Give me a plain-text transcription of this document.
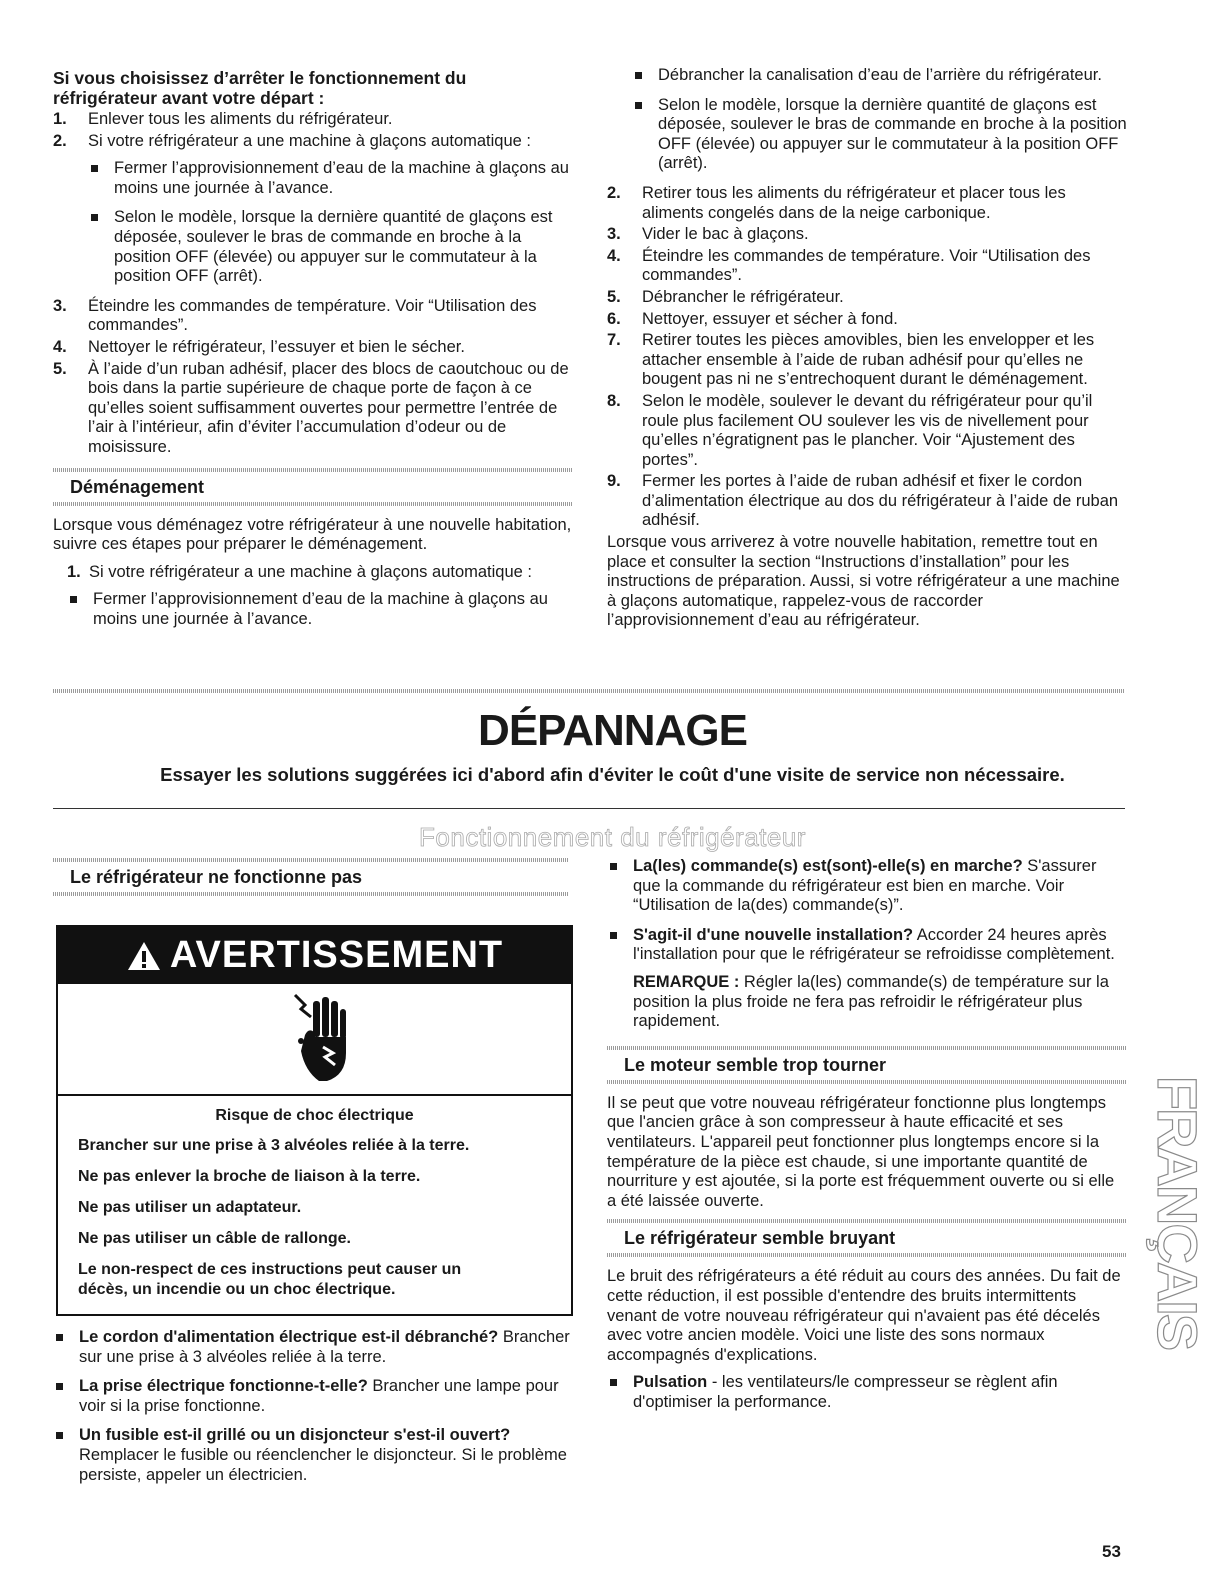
Si vous choisissez d’arrêter le fonctionnement du réfrigérateur avant votre départ :

1. Enlever tous les aliments du réfrigérateur.
2. Si votre réfrigérateur a une machine à glaçons automatique :
Fermer l’approvisionnement d’eau de la machine à glaçons au moins une journée à l’avance.
Selon le modèle, lorsque la dernière quantité de glaçons est déposée, soulever le bras de commande en broche à la position OFF (élevée) ou appuyer sur le commutateur à la position OFF (arrêt).
3. Éteindre les commandes de température. Voir “Utilisation des commandes”.
4. Nettoyer le réfrigérateur, l’essuyer et bien le sécher.
5. À l’aide d’un ruban adhésif, placer des blocs de caoutchouc ou de bois dans la partie supérieure de chaque porte de façon à ce qu’elles soient suffisamment ouvertes pour permettre l’entrée de l’air à l’intérieur, afin d’éviter l’accumulation d’odeur ou de moisissure.
Déménagement

Lorsque vous déménagez votre réfrigérateur à une nouvelle habitation, suivre ces étapes pour préparer le déménagement.

1. Si votre réfrigérateur a une machine à glaçons automatique :
Fermer l’approvisionnement d’eau de la machine à glaçons au moins une journée à l’avance.
Débrancher la canalisation d’eau de l’arrière du réfrigérateur.
Selon le modèle, lorsque la dernière quantité de glaçons est déposée, soulever le bras de commande en broche à la position OFF (élevée) ou appuyer sur le commutateur à la position OFF (arrêt).
2. Retirer tous les aliments du réfrigérateur et placer tous les aliments congelés dans de la neige carbonique.
3. Vider le bac à glaçons.
4. Éteindre les commandes de température. Voir “Utilisation des commandes”.
5. Débrancher le réfrigérateur.
6. Nettoyer, essuyer et sécher à fond.
7. Retirer toutes les pièces amovibles, bien les envelopper et les attacher ensemble à l’aide de ruban adhésif pour qu’elles ne bougent pas ni ne s’entrechoquent durant le déménagement.
8. Selon le modèle, soulever le devant du réfrigérateur pour qu’il roule plus facilement OU soulever les vis de nivellement pour qu’elles n’égratignent pas le plancher. Voir “Ajustement des portes”.
9. Fermer les portes à l’aide de ruban adhésif et fixer le cordon d’alimentation électrique au dos du réfrigérateur à l’aide de ruban adhésif.

Lorsque vous arriverez à votre nouvelle habitation, remettre tout en place et consulter la section “Instructions d’installation” pour les instructions de préparation. Aussi, si votre réfrigérateur a une machine à glaçons automatique, rappelez-vous de raccorder l’approvisionnement d’eau au réfrigérateur.

DÉPANNAGE
Essayer les solutions suggérées ici d'abord afin d'éviter le coût d'une visite de service non nécessaire.
Fonctionnement du réfrigérateur
Le réfrigérateur ne fonctionne pas
AVERTISSEMENT
Risque de choc électrique

Brancher sur une prise à 3 alvéoles reliée à la terre.

Ne pas enlever la broche de liaison à la terre.

Ne pas utiliser un adaptateur.

Ne pas utiliser un câble de rallonge.

Le non-respect de ces instructions peut causer un décès, un incendie ou un choc électrique.

Le cordon d'alimentation électrique est-il débranché? Brancher sur une prise à 3 alvéoles reliée à la terre.
La prise électrique fonctionne-t-elle? Brancher une lampe pour voir si la prise fonctionne.
Un fusible est-il grillé ou un disjoncteur s'est-il ouvert? Remplacer le fusible ou réenclencher le disjoncteur. Si le problème persiste, appeler un électricien.
La(les) commande(s) est(sont)-elle(s) en marche? S'assurer que la commande du réfrigérateur est bien en marche. Voir “Utilisation de la(des) commande(s)”.
S'agit-il d'une nouvelle installation? Accorder 24 heures après l'installation pour que le réfrigérateur se refroidisse complètement.

REMARQUE : Régler la(les) commande(s) de température sur la position la plus froide ne fera pas refroidir le réfrigérateur plus rapidement.

Le moteur semble trop tourner

Il se peut que votre nouveau réfrigérateur fonctionne plus longtemps que l'ancien grâce à son compresseur à haute efficacité et ses ventilateurs. L'appareil peut fonctionner plus longtemps encore si la température de la pièce est chaude, si une importante quantité de nourriture y est ajoutée, si la porte est fréquemment ouverte ou si elle a été laissée ouverte.

Le réfrigérateur semble bruyant

Le bruit des réfrigérateurs a été réduit au cours des années. Du fait de cette réduction, il est possible d'entendre des bruits intermittents venant de votre nouveau réfrigérateur qui n'avaient pas été décelés avec votre ancien modèle. Voici une liste des sons normaux accompagnés d'explications.

Pulsation - les ventilateurs/le compresseur se règlent afin d'optimiser la performance.
FRANÇAIS
53
